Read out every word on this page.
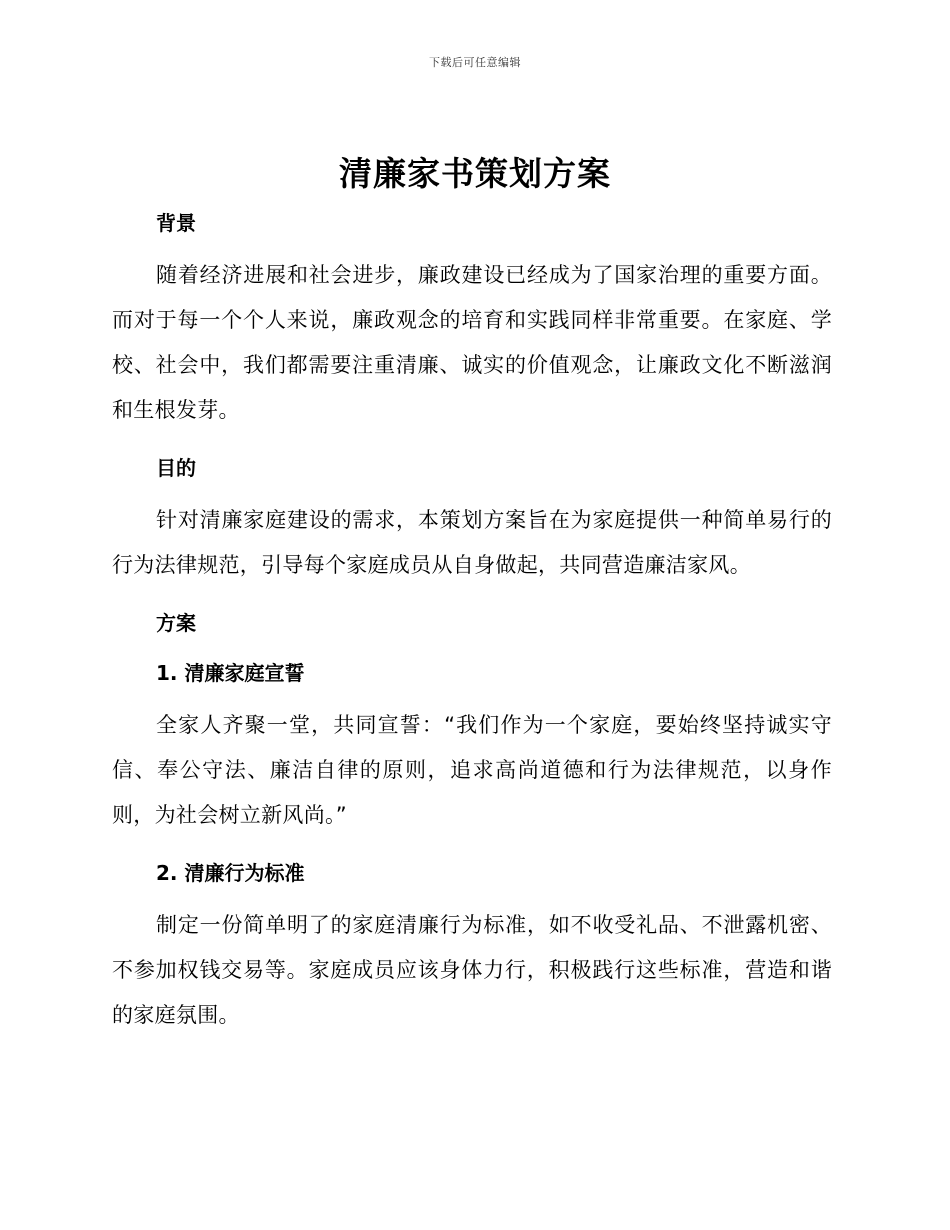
下载后可任意编辑
清廉家书策划方案
背景

随着经济进展和社会进步，廉政建设已经成为了国家治理的重要方面。而对于每一个个人来说，廉政观念的培育和实践同样非常重要。在家庭、学校、社会中，我们都需要注重清廉、诚实的价值观念，让廉政文化不断滋润和生根发芽。

目的

针对清廉家庭建设的需求，本策划方案旨在为家庭提供一种简单易行的行为法律规范，引导每个家庭成员从自身做起，共同营造廉洁家风。

方案
1. 清廉家庭宣誓

全家人齐聚一堂，共同宣誓：“我们作为一个家庭，要始终坚持诚实守信、奉公守法、廉洁自律的原则，追求高尚道德和行为法律规范，以身作则，为社会树立新风尚。”

2. 清廉行为标准

制定一份简单明了的家庭清廉行为标准，如不收受礼品、不泄露机密、不参加权钱交易等。家庭成员应该身体力行，积极践行这些标准，营造和谐的家庭氛围。
